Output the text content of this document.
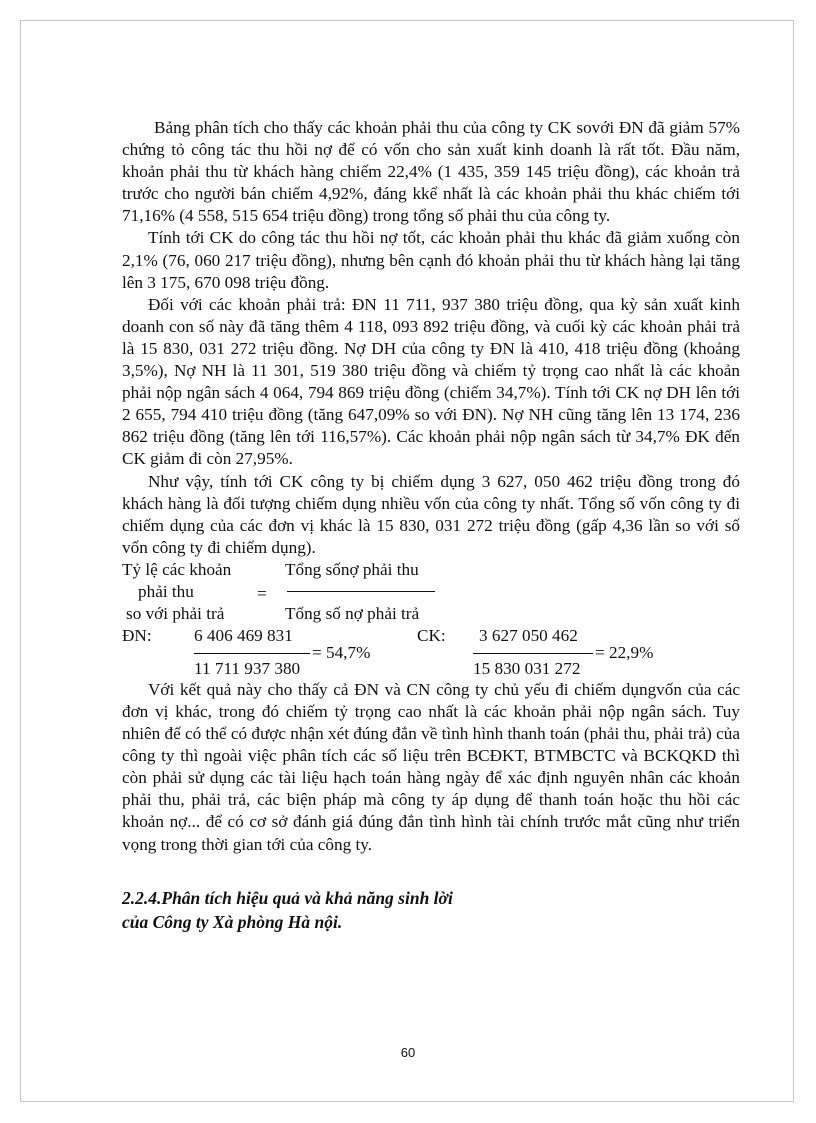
Bảng phân tích cho thấy các khoản phải thu của công ty CK sovới ĐN đã giảm 57% chứng tỏ công tác thu hồi nợ để có vốn cho sản xuất kinh doanh là rất tốt. Đầu năm, khoản phải thu từ khách hàng chiếm 22,4% (1 435, 359 145 triệu đồng), các khoản trả trước cho người bán chiếm 4,92%, đáng kkể nhất là các khoản phải thu khác chiếm tới 71,16% (4 558, 515 654 triệu đồng) trong tổng số phải thu của công ty.

Tính tới CK do công tác thu hồi nợ tốt, các khoản phải thu khác đã giảm xuống còn 2,1% (76, 060 217 triệu đồng), nhưng bên cạnh đó khoản phải thu từ khách hàng lại tăng lên 3 175, 670 098 triệu đồng.

Đối với các khoản phải trả: ĐN 11 711, 937 380 triệu đồng, qua kỳ sản xuất kinh doanh con số này đã tăng thêm 4 118, 093 892 triệu đồng, và cuối kỳ các khoản phải trả là 15 830, 031 272 triệu đồng. Nợ DH của công ty ĐN là 410, 418 triệu đồng (khoảng 3,5%), Nợ NH là 11 301, 519 380 triệu đồng và chiếm tỷ trọng cao nhất là các khoản phải nộp ngân sách 4 064, 794 869 triệu đồng (chiếm 34,7%). Tính tới CK nợ DH lên tới 2 655, 794 410 triệu đồng (tăng 647,09% so với ĐN). Nợ NH cũng tăng lên 13 174, 236 862 triệu đồng (tăng lên tới 116,57%). Các khoản phải nộp ngân sách từ 34,7% ĐK đến CK giảm đi còn 27,95%.

Như vậy, tính tới CK công ty bị chiếm dụng 3 627, 050 462 triệu đồng trong đó khách hàng là đối tượng chiếm dụng nhiều vốn của công ty nhất. Tổng số vốn công ty đi chiếm dụng của các đơn vị khác là 15 830, 031 272 triệu đồng (gấp 4,36 lần so với số vốn công ty đi chiếm dụng).

Tỷ lệ các khoản
phải thu
so với phải trả
=
Tổng sốnợ phải thu
Tổng số nợ phải trả
ĐN: 6 406 469 831
= 54,7%
11 711 937 380
CK: 3 627 050 462
= 22,9%
15 830 031 272

Với kết quả này cho thấy cả ĐN và CN công ty chủ yếu đi chiếm dụngvốn của các đơn vị khác, trong đó chiếm tỷ trọng cao nhất là các khoản phải nộp ngân sách. Tuy nhiên để có thể có được nhận xét đúng đắn về tình hình thanh toán (phải thu, phải trả) của công ty thì ngoài việc phân tích các số liệu trên BCĐKT, BTMBCTC và BCKQKD thì còn phải sử dụng các tài liệu hạch toán hàng ngày để xác định nguyên nhân các khoản phải thu, phải trả, các biện pháp mà công ty áp dụng để thanh toán hoặc thu hồi các khoản nợ... để có cơ sở đánh giá đúng đắn tình hình tài chính trước mắt cũng như triển vọng trong thời gian tới của công ty.

2.2.4.Phân tích hiệu quả và khả năng sinh lời
của Công ty Xà phòng Hà nội.
60
